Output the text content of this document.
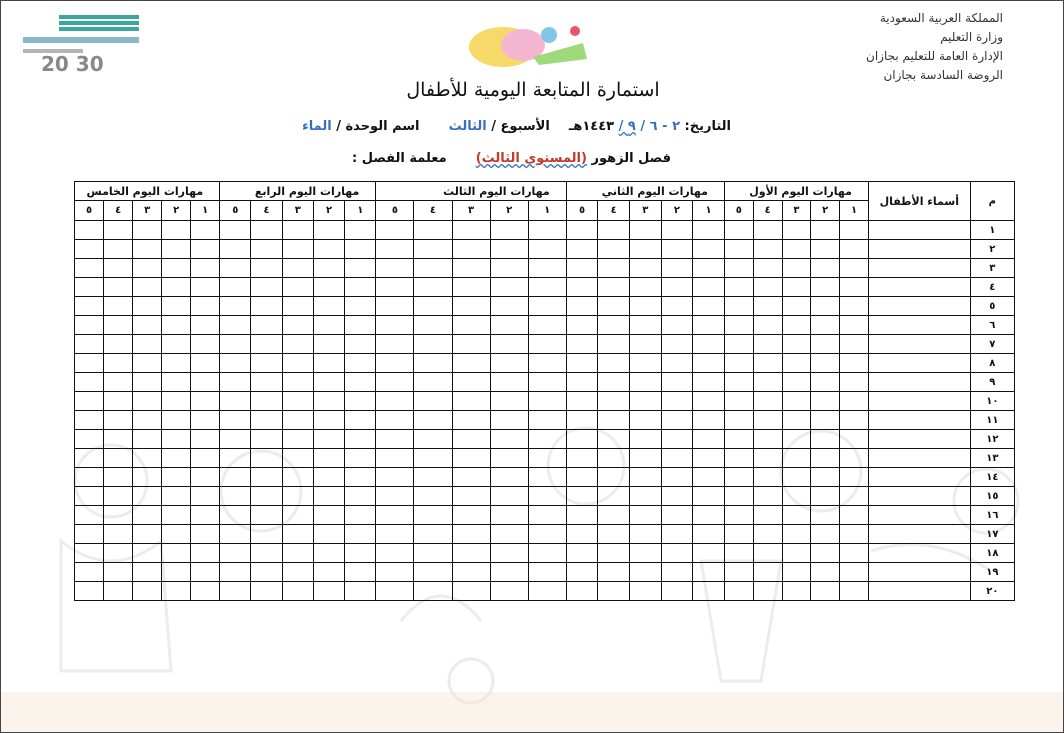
المملكة العربية السعودية
وزارة التعليم
الإدارة العامة للتعليم بجازان
الروضة السادسة بجازان
20 30
استمارة المتابعة اليومية للأطفال
التاريخ: ٢ - ٦ / ٩ / ١٤٤٣هـ  الأسبوع / الثالث  اسم الوحدة / الماء
فصل الزهور (المستوى الثالث)  معلمة الفصل :
م	أسماء الأطفال	مهارات اليوم الأول					مهارات اليوم الثاني					مهارات اليوم الثالث					مهارات اليوم الرابع					مهارات اليوم الخامس				
		١	٢	٣	٤	٥	١	٢	٣	٤	٥	١	٢	٣	٤	٥	١	٢	٣	٤	٥	١	٢	٣	٤	٥
١																										
٢																										
٣																										
٤																										
٥																										
٦																										
٧																										
٨																										
٩																										
١٠																										
١١																										
١٢																										
١٣																										
١٤																										
١٥																										
١٦																										
١٧																										
١٨																										
١٩																										
٢٠																										
